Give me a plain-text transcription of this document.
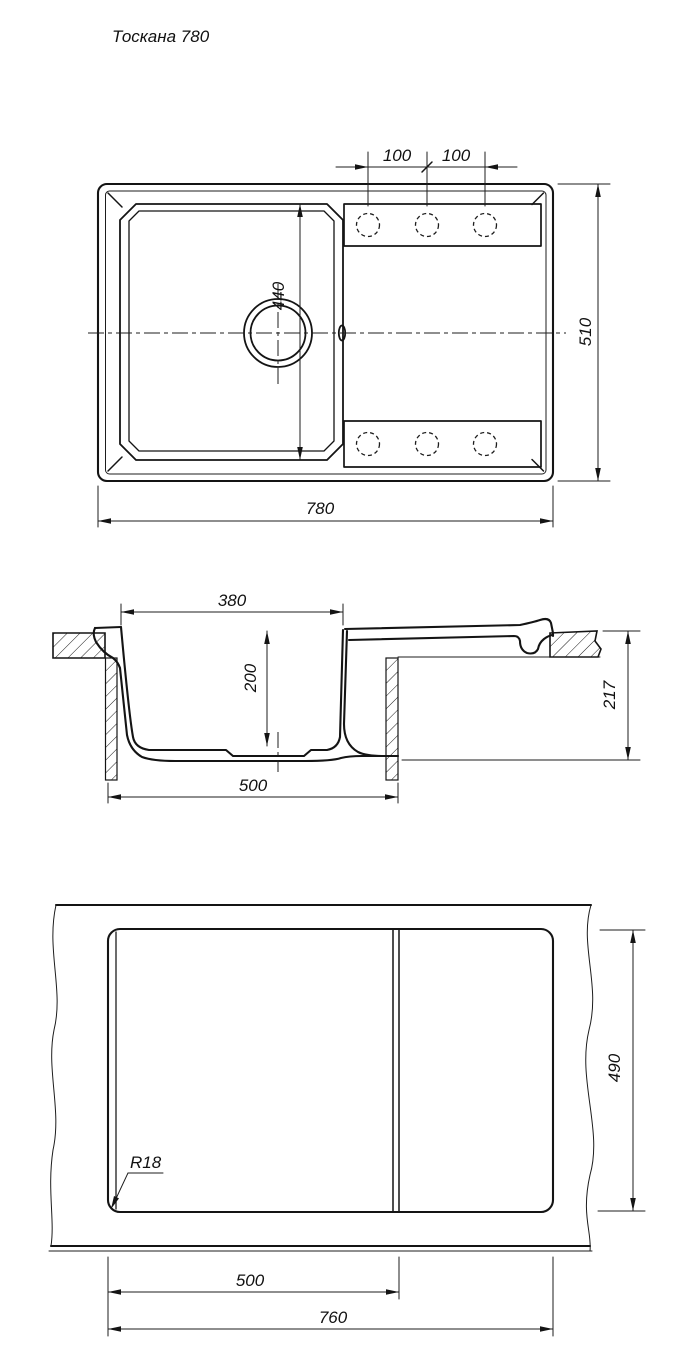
Тоскана 780
100 100
440
510
780
380
200
217
500
R18
490
500
760
